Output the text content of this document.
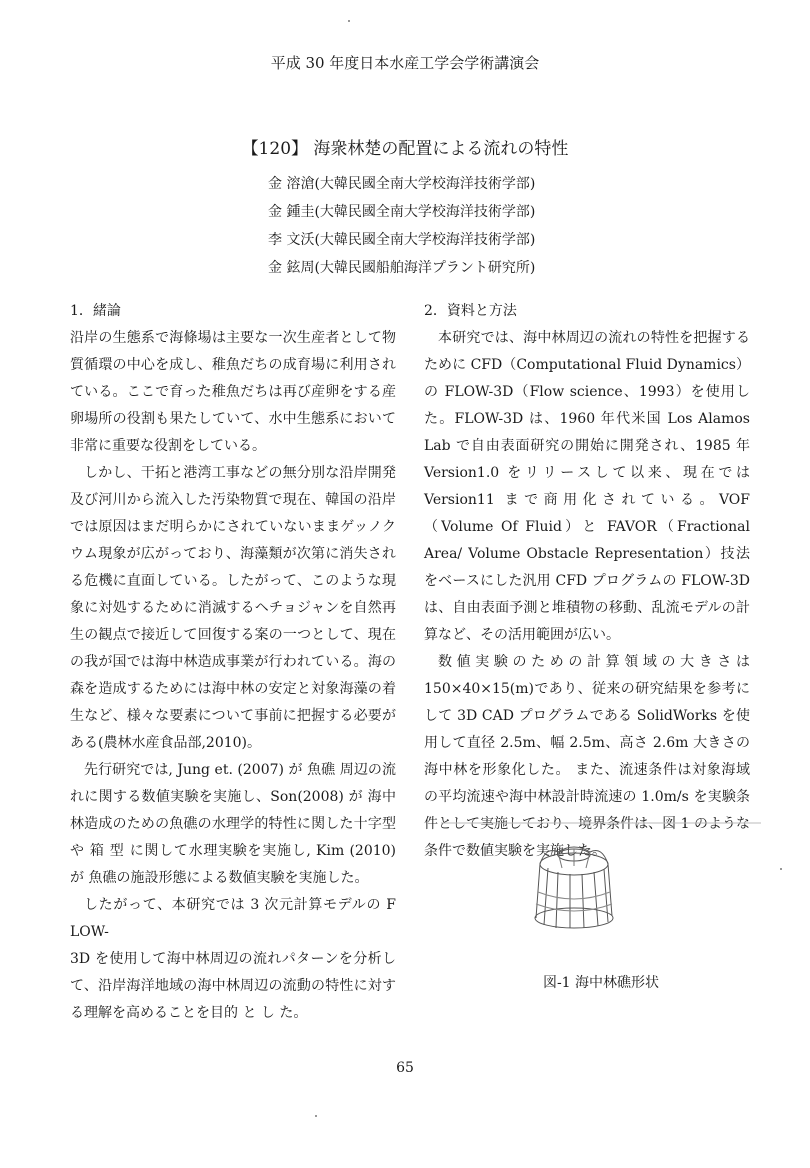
平成 30 年度日本水産工学会学術講演会
【120】 海衆林楚の配置による流れの特性
金 溶滄(大韓民國全南大学校海洋技術学部)
金 鍾圭(大韓民國全南大学校海洋技術学部)
李 文沃(大韓民國全南大学校海洋技術学部)
金 鉉周(大韓民國船舶海洋プラント研究所)
1．緒論

沿岸の生態系で海條場は主要な一次生産者として物質循環の中心を成し、稚魚だちの成育場に利用されている。ここで育った稚魚だちは再び産卵をする産卵場所の役割も果たしていて、水中生態系において非常に重要な役割をしている。

しかし、干拓と港湾工事などの無分別な沿岸開発及び河川から流入した汚染物質で現在、韓国の沿岸では原因はまだ明らかにされていないままゲッノクウム現象が広がっており、海藻類が次第に消失される危機に直面している。したがって、このような現象に対処するために消滅するヘチョジャンを自然再生の観点で接近して回復する案の一つとして、現在の我が国では海中林造成事業が行われている。海の森を造成するためには海中林の安定と対象海藻の着生など、様々な要素について事前に把握する必要がある(農林水産食品部,2010)。

先行研究では, Jung et. (2007) が 魚礁 周辺の流れに関する数値実験を実施し、Son(2008) が 海中林造成のための魚礁の水理学的特性に関した十字型や 箱 型 に関して水理実験を実施し, Kim (2010) が 魚礁の施設形態による数値実験を実施した。

したがって、本研究では 3 次元計算モデルの F LOW-

3D を使用して海中林周辺の流れパターンを分析して、沿岸海洋地域の海中林周辺の流動の特性に対する理解を高めることを目的 と し た。

2．資料と方法

本研究では、海中林周辺の流れの特性を把握するために CFD（Computational Fluid Dynamics）の FLOW-3D（Flow science、1993）を使用した。FLOW-3D は、1960 年代米国 Los Alamos Lab で自由表面研究の開始に開発され、1985 年 Version1.0 をリリースして以来、現在では Version11 まで商用化されている。VOF（Volume Of Fluid）と FAVOR（Fractional Area/ Volume Obstacle Representation）技法をベースにした汎用 CFD プログラムの FLOW-3D は、自由表面予測と堆積物の移動、乱流モデルの計算など、その活用範囲が広い。

数値実験のための計算領域の大きさは 150×40×15(m)であり、従来の研究結果を参考にして 3D CAD プログラムである SolidWorks を使用して直径 2.5m、幅 2.5m、高さ 2.6m 大きさの 海中林を形象化した。 また、流速条件は対象海域の平均流速や海中林設計時流速の 1.0m/s を実験条件として実施しており、境界条件は、図 1 のような条件で数値実験を実施した。

図-1 海中林礁形状
65
